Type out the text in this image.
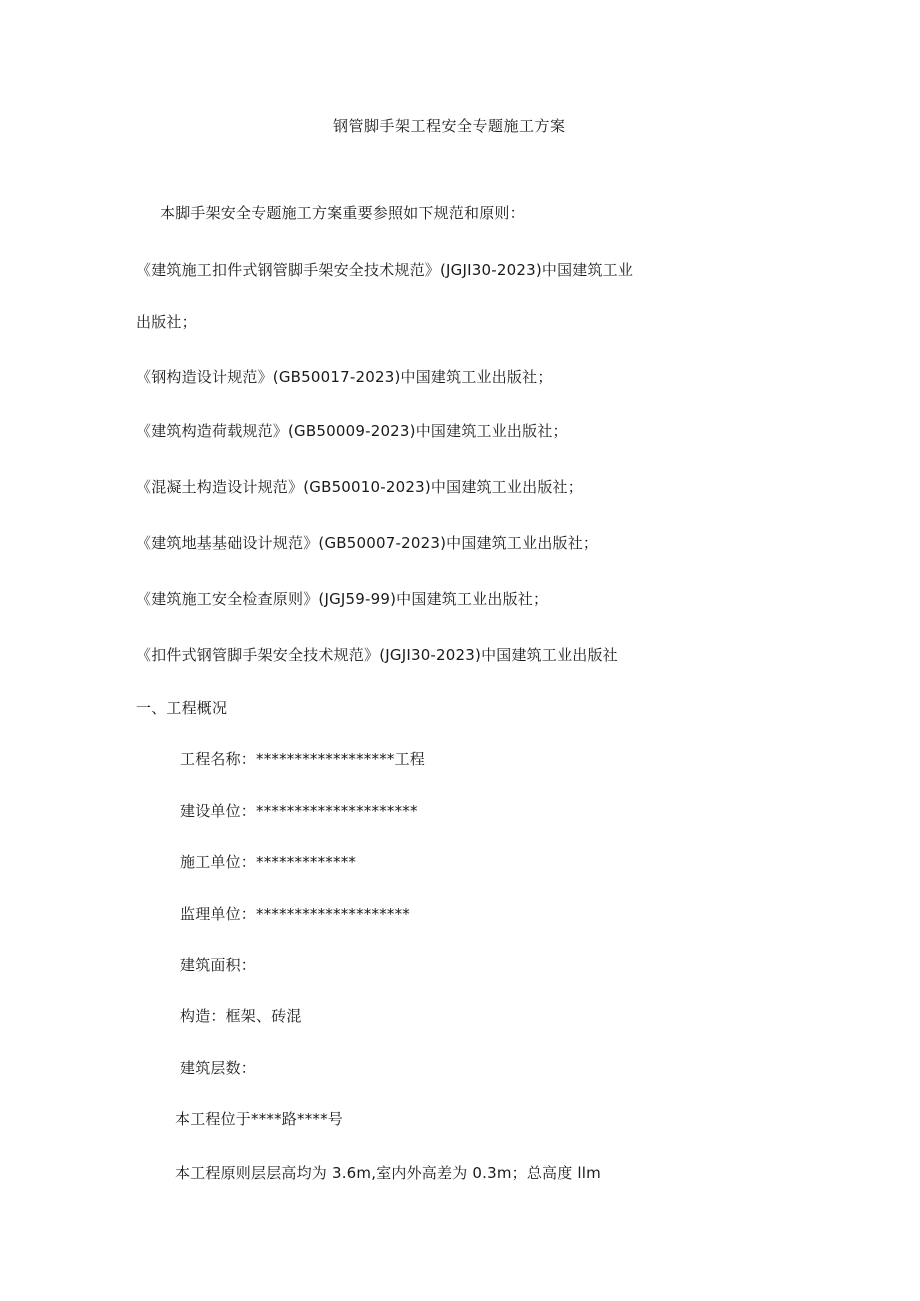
钢管脚手架工程安全专题施工方案
本脚手架安全专题施工方案重要参照如下规范和原则：
《建筑施工扣件式钢管脚手架安全技术规范》(JGJI30-2023)中国建筑工业
出版社；
《钢构造设计规范》(GB50017-2023)中国建筑工业出版社；
《建筑构造荷载规范》(GB50009-2023)中国建筑工业出版社；
《混凝土构造设计规范》(GB50010-2023)中国建筑工业出版社；
《建筑地基基础设计规范》(GB50007-2023)中国建筑工业出版社；
《建筑施工安全检查原则》(JGJ59-99)中国建筑工业出版社；
《扣件式钢管脚手架安全技术规范》(JGJI30-2023)中国建筑工业出版社
一、工程概况
工程名称：******************工程
建设单位：*********************
施工单位：*************
监理单位：********************
建筑面积：
构造：框架、砖混
建筑层数：
本工程位于****路****号
本工程原则层层高均为 3.6m,室内外高差为 0.3m；总高度 llm
